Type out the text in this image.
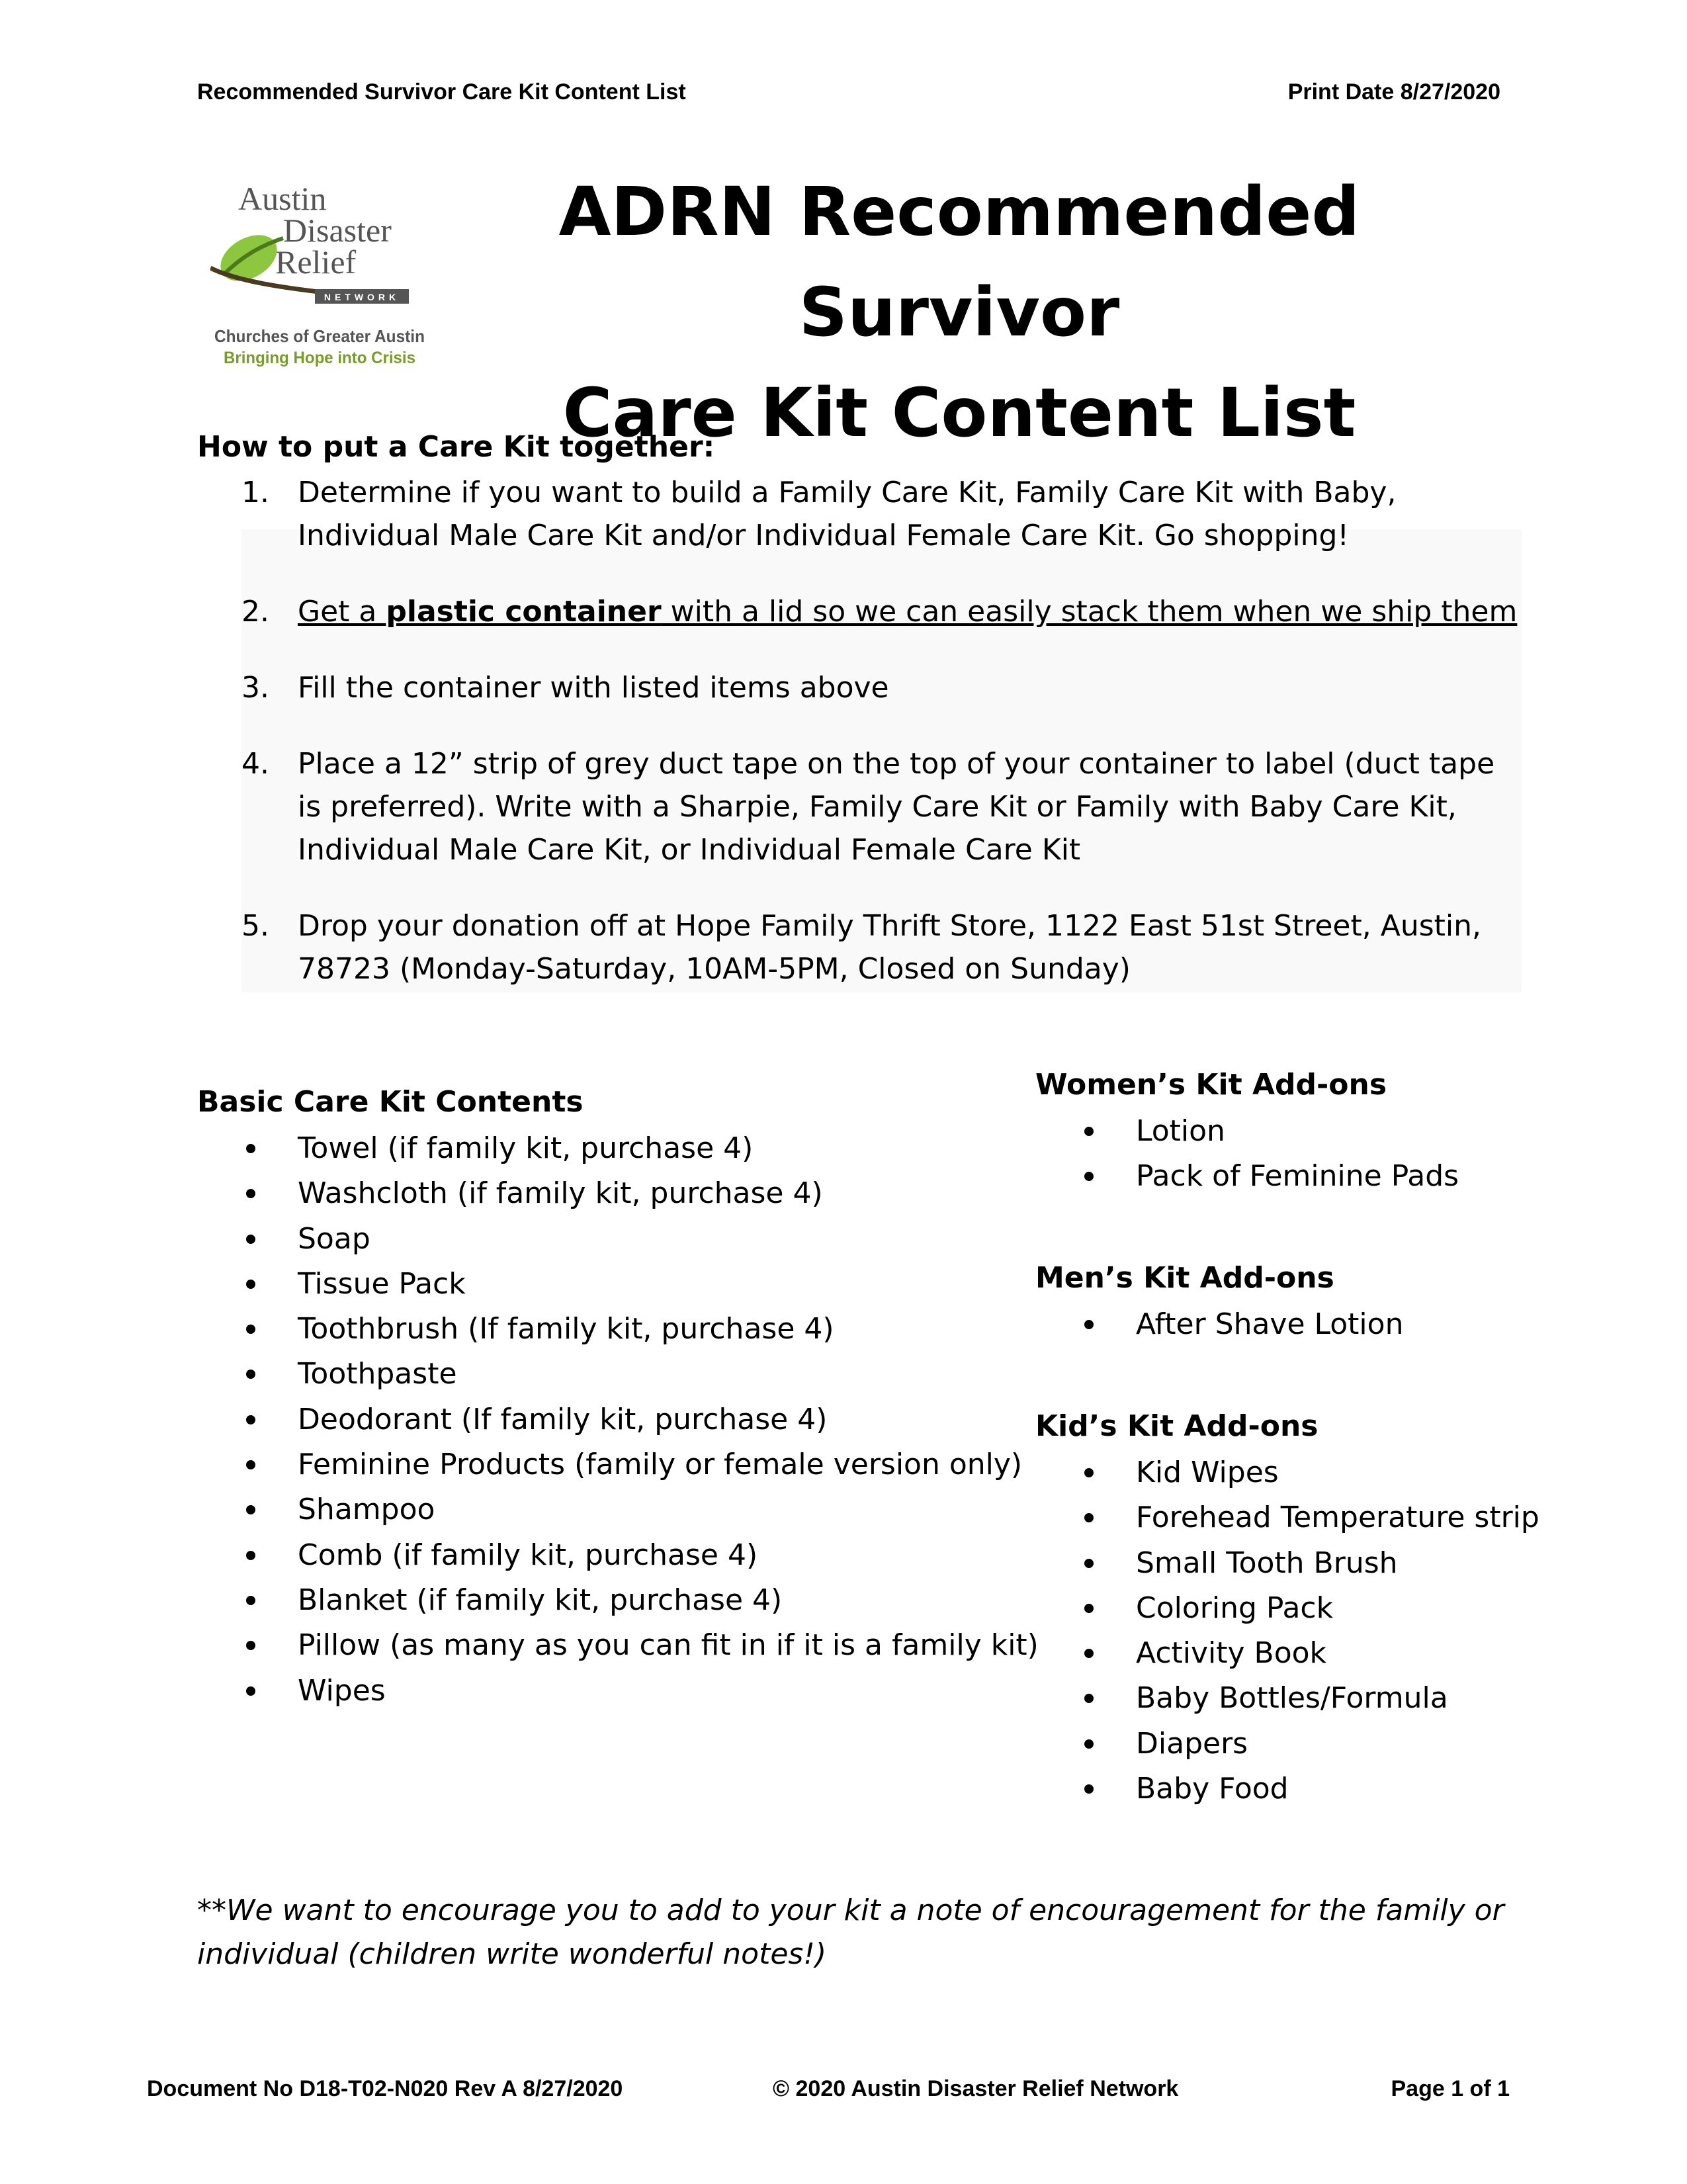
Recommended Survivor Care Kit Content List	Print Date 8/27/2020
Austin
Disaster
Relief
NETWORK
Churches of Greater Austin
Bringing Hope into Crisis
ADRN Recommended Survivor
Care Kit Content List
How to put a Care Kit together:
1. Determine if you want to build a Family Care Kit, Family Care Kit with Baby, Individual Male Care Kit and/or Individual Female Care Kit. Go shopping!
2. Get a plastic container with a lid so we can easily stack them when we ship them
3. Fill the container with listed items above
4. Place a 12” strip of grey duct tape on the top of your container to label (duct tape is preferred). Write with a Sharpie, Family Care Kit or Family with Baby Care Kit, Individual Male Care Kit, or Individual Female Care Kit
5. Drop your donation off at Hope Family Thrift Store, 1122 East 51st Street, Austin, 78723 (Monday-Saturday, 10AM-5PM, Closed on Sunday)
Basic Care Kit Contents
Towel (if family kit, purchase 4)
Washcloth (if family kit, purchase 4)
Soap
Tissue Pack
Toothbrush (If family kit, purchase 4)
Toothpaste
Deodorant (If family kit, purchase 4)
Feminine Products (family or female version only)
Shampoo
Comb (if family kit, purchase 4)
Blanket (if family kit, purchase 4)
Pillow (as many as you can fit in if it is a family kit)
Wipes
Women’s Kit Add-ons
Lotion
Pack of Feminine Pads
Men’s Kit Add-ons
After Shave Lotion
Kid’s Kit Add-ons
Kid Wipes
Forehead Temperature strip
Small Tooth Brush
Coloring Pack
Activity Book
Baby Bottles/Formula
Diapers
Baby Food
**We want to encourage you to add to your kit a note of encouragement for the family or individual (children write wonderful notes!)
Document No D18-T02-N020 Rev A 8/27/2020	© 2020 Austin Disaster Relief Network	Page 1 of 1
